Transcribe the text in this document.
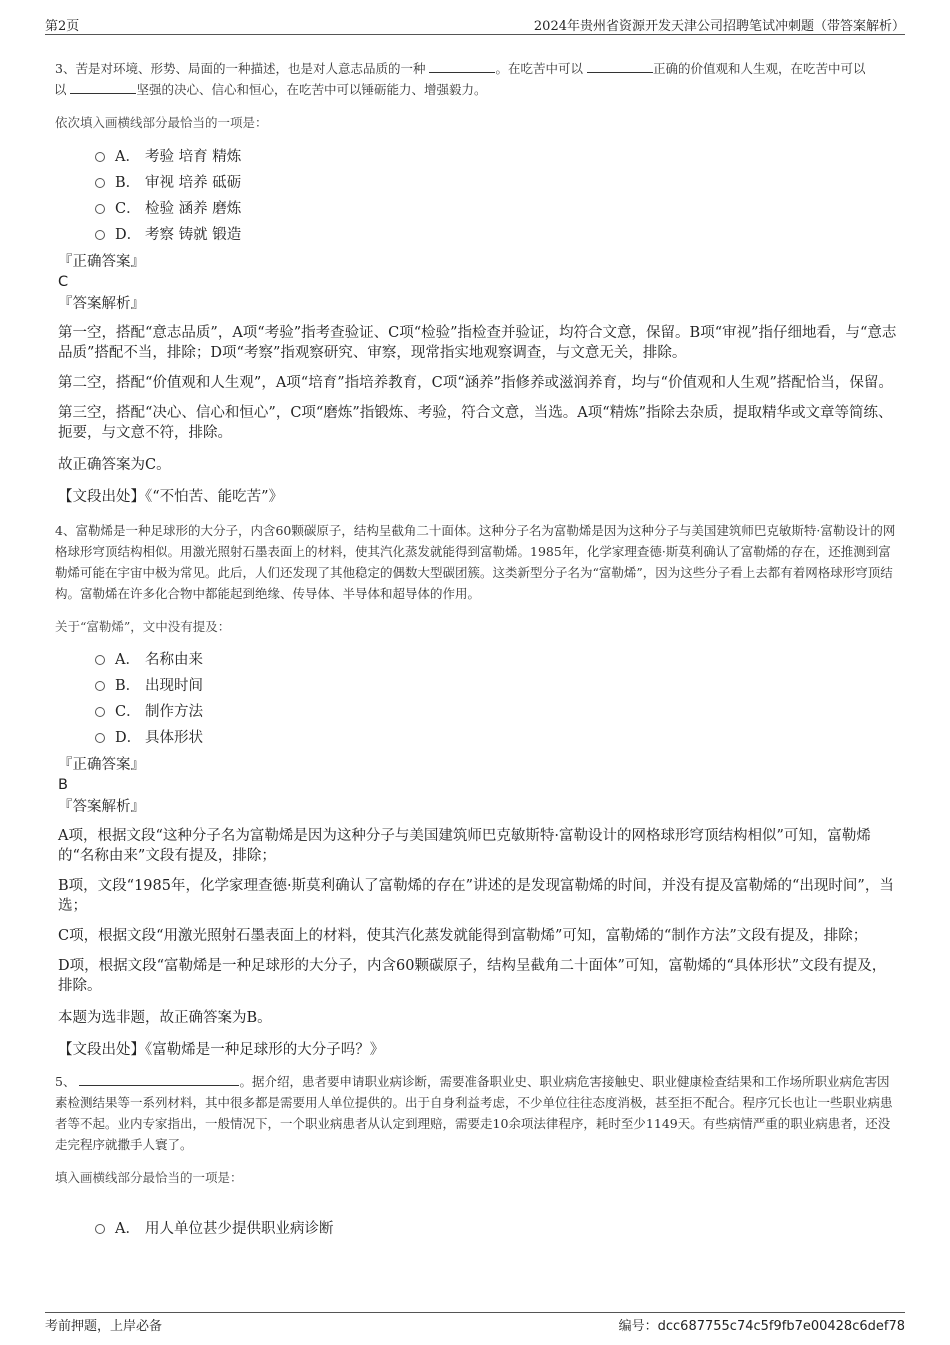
第2页	2024年贵州省资源开发天津公司招聘笔试冲刺题（带答案解析）

3、苦是对环境、形势、局面的一种描述，也是对人意志品质的一种	。在吃苦中可以	正确的价值观和人生观，在吃苦中可以
以	坚强的决心、信心和恒心，在吃苦中可以锤砺能力、增强毅力。

依次填入画横线部分最恰当的一项是：

A． 考验 培育 精炼
B． 审视 培养 砥砺
C． 检验 涵养 磨炼
D． 考察 铸就 锻造

『正确答案』

C

『答案解析』

第一空，搭配“意志品质”，A项“考验”指考查验证、C项“检验”指检查并验证，均符合文意，保留。B项“审视”指仔细地看，与“意志品质”搭配不当，排除；D项“考察”指观察研究、审察，现常指实地观察调查，与文意无关，排除。

第二空，搭配“价值观和人生观”，A项“培育”指培养教育，C项“涵养”指修养或滋润养育，均与“价值观和人生观”搭配恰当，保留。

第三空，搭配“决心、信心和恒心”，C项“磨炼”指锻炼、考验，符合文意，当选。A项“精炼”指除去杂质，提取精华或文章等简练、扼要，与文意不符，排除。

故正确答案为C。

【文段出处】《“不怕苦、能吃苦”》

4、富勒烯是一种足球形的大分子，内含60颗碳原子，结构呈截角二十面体。这种分子名为富勒烯是因为这种分子与美国建筑师巴克敏斯特·富勒设计的网格球形穹顶结构相似。用激光照射石墨表面上的材料，使其汽化蒸发就能得到富勒烯。1985年，化学家理查德·斯莫利确认了富勒烯的存在，还推测到富勒烯可能在宇宙中极为常见。此后，人们还发现了其他稳定的偶数大型碳团簇。这类新型分子名为“富勒烯”，因为这些分子看上去都有着网格球形穹顶结构。富勒烯在许多化合物中都能起到绝缘、传导体、半导体和超导体的作用。

关于“富勒烯”，文中没有提及：

A． 名称由来
B． 出现时间
C． 制作方法
D． 具体形状

『正确答案』

B

『答案解析』

A项，根据文段“这种分子名为富勒烯是因为这种分子与美国建筑师巴克敏斯特·富勒设计的网格球形穹顶结构相似”可知，富勒烯的“名称由来”文段有提及，排除；

B项，文段“1985年，化学家理查德·斯莫利确认了富勒烯的存在”讲述的是发现富勒烯的时间，并没有提及富勒烯的“出现时间”，当选；

C项，根据文段“用激光照射石墨表面上的材料，使其汽化蒸发就能得到富勒烯”可知，富勒烯的“制作方法”文段有提及，排除；

D项，根据文段“富勒烯是一种足球形的大分子，内含60颗碳原子，结构呈截角二十面体”可知，富勒烯的“具体形状”文段有提及，排除。

本题为选非题，故正确答案为B。

【文段出处】《富勒烯是一种足球形的大分子吗？》

5、	。据介绍，患者要申请职业病诊断，需要准备职业史、职业病危害接触史、职业健康检查结果和工作场所职业病危害因素检测结果等一系列材料，其中很多都是需要用人单位提供的。出于自身利益考虑，不少单位往往态度消极，甚至拒不配合。程序冗长也让一些职业病患者等不起。业内专家指出，一般情况下，一个职业病患者从认定到理赔，需要走10余项法律程序，耗时至少1149天。有些病情严重的职业病患者，还没走完程序就撒手人寰了。

填入画横线部分最恰当的一项是：

A． 用人单位甚少提供职业病诊断
考前押题，上岸必备	编号：dcc687755c74c5f9fb7e00428c6def78
